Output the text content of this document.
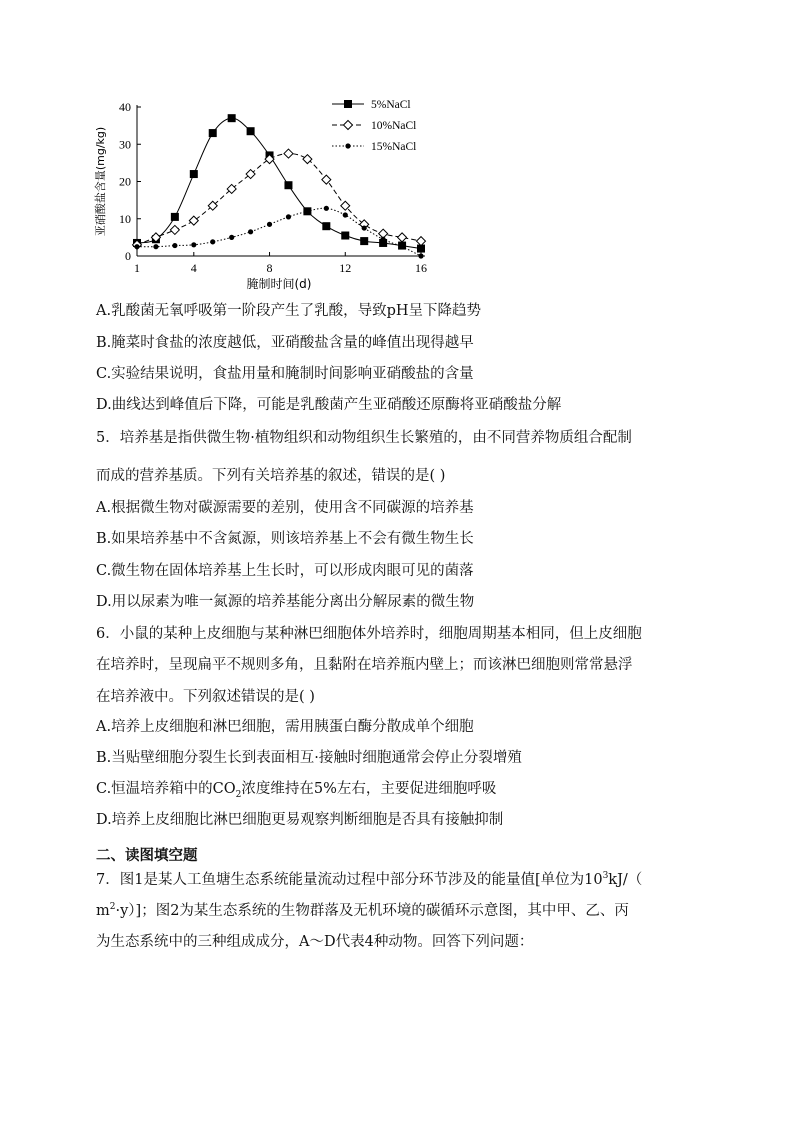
1	4	8	12	16
0
10
20
30
40
腌制时间(d)
亚硝酸盐含量(mg/kg)
5%NaCl
10%NaCl
15%NaCl
A.乳酸菌无氧呼吸第一阶段产生了乳酸，导致pH呈下降趋势
B.腌菜时食盐的浓度越低，亚硝酸盐含量的峰值出现得越早
C.实验结果说明，食盐用量和腌制时间影响亚硝酸盐的含量
D.曲线达到峰值后下降，可能是乳酸菌产生亚硝酸还原酶将亚硝酸盐分解
5．培养基是指供微生物·植物组织和动物组织生长繁殖的，由不同营养物质组合配制
而成的营养基质。下列有关培养基的叙述，错误的是( )
A.根据微生物对碳源需要的差别，使用含不同碳源的培养基
B.如果培养基中不含氮源，则该培养基上不会有微生物生长
C.微生物在固体培养基上生长时，可以形成肉眼可见的菌落
D.用以尿素为唯一氮源的培养基能分离出分解尿素的微生物
6．小鼠的某种上皮细胞与某种淋巴细胞体外培养时，细胞周期基本相同，但上皮细胞
在培养时，呈现扁平不规则多角，且黏附在培养瓶内壁上；而该淋巴细胞则常常悬浮
在培养液中。下列叙述错误的是( )
A.培养上皮细胞和淋巴细胞，需用胰蛋白酶分散成单个细胞
B.当贴壁细胞分裂生长到表面相互·接触时细胞通常会停止分裂增殖
C.恒温培养箱中的$CO_2$浓度维持在5%左右，主要促进细胞呼吸
D.培养上皮细胞比淋巴细胞更易观察判断细胞是否具有接触抑制
二、读图填空题
7．图1是某人工鱼塘生态系统能量流动过程中部分环节涉及的能量值[单位为$10^3kJ/$（
$m^2\cdot y$）]；图2为某生态系统的生物群落及无机环境的碳循环示意图，其中甲、乙、丙
为生态系统中的三种组成成分，A～D代表4种动物。回答下列问题：
